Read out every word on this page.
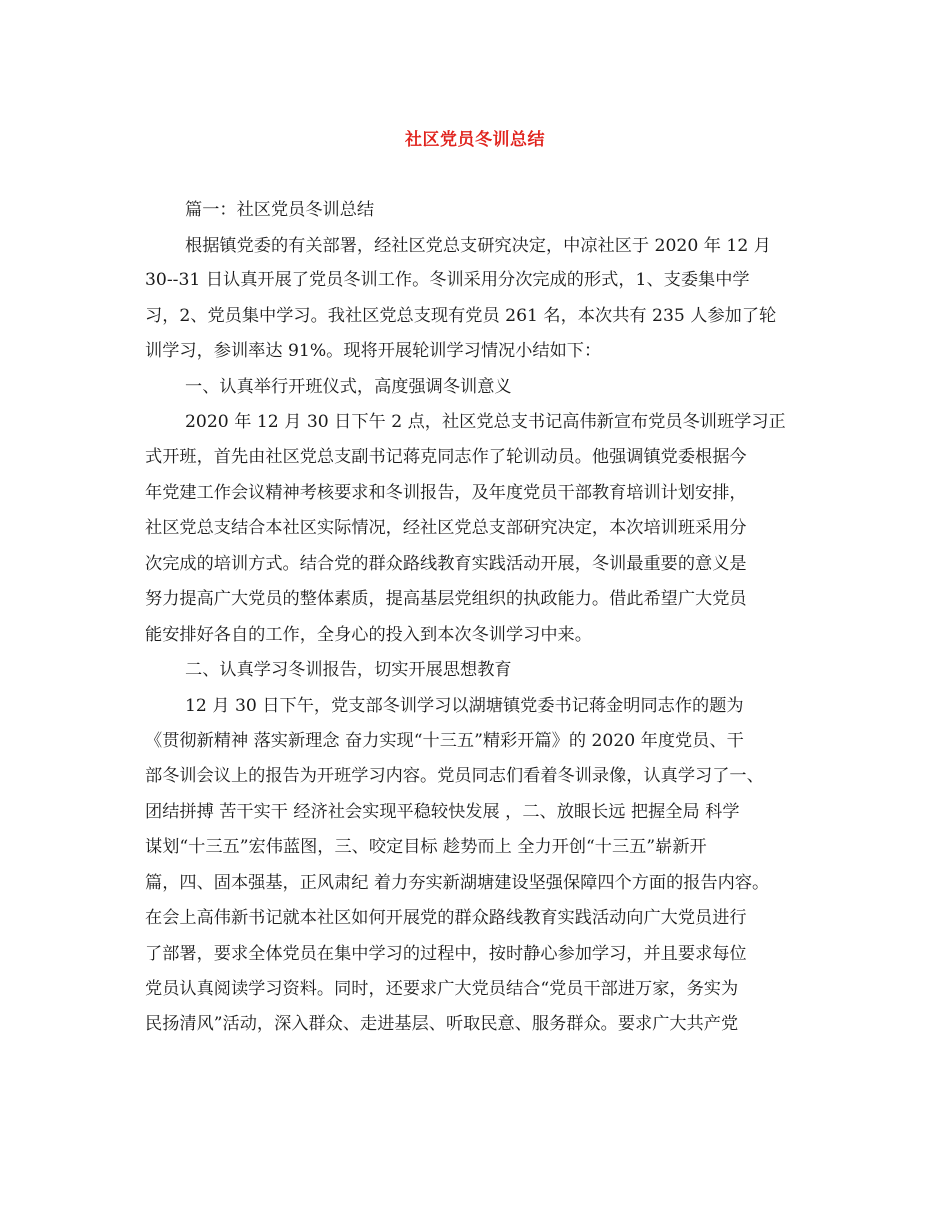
社区党员冬训总结
篇一：社区党员冬训总结
根据镇党委的有关部署，经社区党总支研究决定，中凉社区于 2020 年 12 月
30--31 日认真开展了党员冬训工作。冬训采用分次完成的形式，1、支委集中学
习，2、党员集中学习。我社区党总支现有党员 261 名，本次共有 235 人参加了轮
训学习，参训率达 91%。现将开展轮训学习情况小结如下：
一、认真举行开班仪式，高度强调冬训意义
2020 年 12 月 30 日下午 2 点，社区党总支书记高伟新宣布党员冬训班学习正
式开班，首先由社区党总支副书记蒋克同志作了轮训动员。他强调镇党委根据今
年党建工作会议精神考核要求和冬训报告，及年度党员干部教育培训计划安排，
社区党总支结合本社区实际情况，经社区党总支部研究决定，本次培训班采用分
次完成的培训方式。结合党的群众路线教育实践活动开展，冬训最重要的意义是
努力提高广大党员的整体素质，提高基层党组织的执政能力。借此希望广大党员
能安排好各自的工作，全身心的投入到本次冬训学习中来。
二、认真学习冬训报告，切实开展思想教育
12 月 30 日下午，党支部冬训学习以湖塘镇党委书记蒋金明同志作的题为
《贯彻新精神 落实新理念 奋力实现“十三五”精彩开篇》的 2020 年度党员、干
部冬训会议上的报告为开班学习内容。党员同志们看着冬训录像，认真学习了一、
团结拼搏 苦干实干 经济社会实现平稳较快发展 ，二、放眼长远 把握全局 科学
谋划“十三五”宏伟蓝图，三、咬定目标 趁势而上 全力开创“十三五”崭新开
篇，四、固本强基，正风肃纪 着力夯实新湖塘建设坚强保障四个方面的报告内容。
在会上高伟新书记就本社区如何开展党的群众路线教育实践活动向广大党员进行
了部署，要求全体党员在集中学习的过程中，按时静心参加学习，并且要求每位
党员认真阅读学习资料。同时，还要求广大党员结合“党员干部进万家，务实为
民扬清风”活动，深入群众、走进基层、听取民意、服务群众。要求广大共产党
